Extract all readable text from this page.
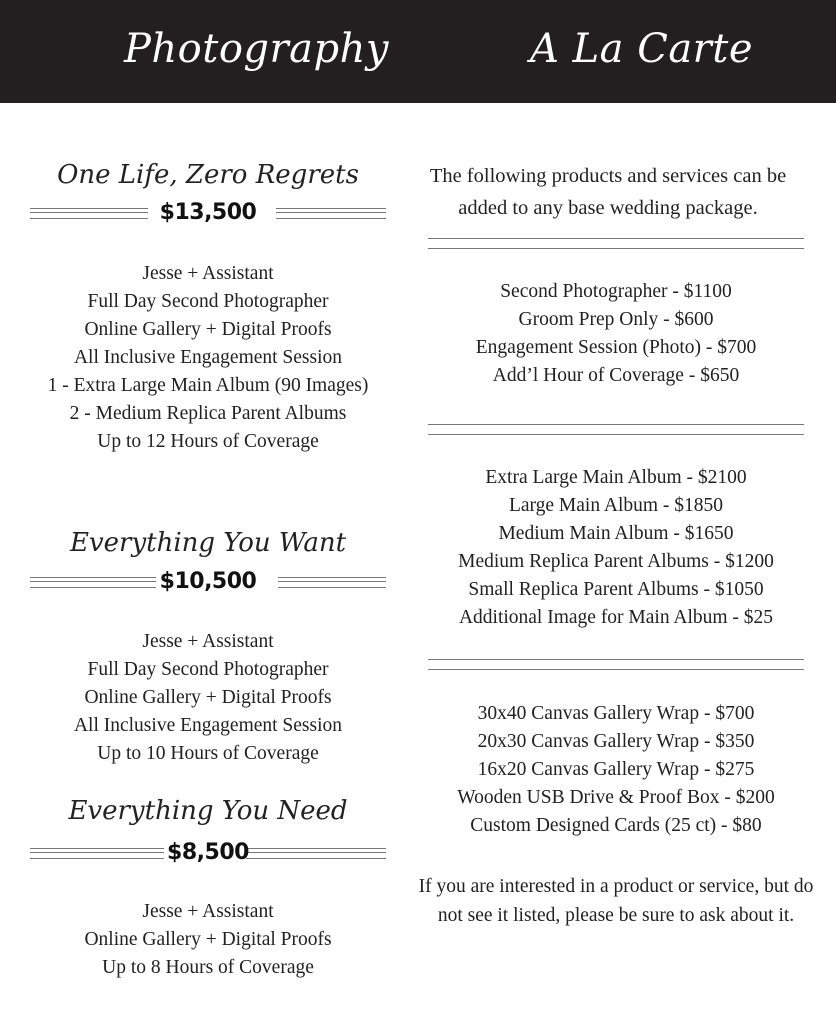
Photography	A La Carte
One Life, Zero Regrets
$13,500
Jesse + Assistant
Full Day Second Photographer
Online Gallery + Digital Proofs
All Inclusive Engagement Session
1 - Extra Large Main Album (90 Images)
2 - Medium Replica Parent Albums
Up to 12 Hours of Coverage
Everything You Want
$10,500
Jesse + Assistant
Full Day Second Photographer
Online Gallery + Digital Proofs
All Inclusive Engagement Session
Up to 10 Hours of Coverage
Everything You Need
$8,500
Jesse + Assistant
Online Gallery + Digital Proofs
Up to 8 Hours of Coverage
The following products and services can be added to any base wedding package.
Second Photographer - $1100
Groom Prep Only - $600
Engagement Session (Photo) - $700
Add’l Hour of Coverage - $650
Extra Large Main Album - $2100
Large Main Album - $1850
Medium Main Album - $1650
Medium Replica Parent Albums - $1200
Small Replica Parent Albums - $1050
Additional Image for Main Album - $25
30x40 Canvas Gallery Wrap - $700
20x30 Canvas Gallery Wrap - $350
16x20 Canvas Gallery Wrap - $275
Wooden USB Drive & Proof Box - $200
Custom Designed Cards (25 ct) - $80
If you are interested in a product or service, but do not see it listed, please be sure to ask about it.
